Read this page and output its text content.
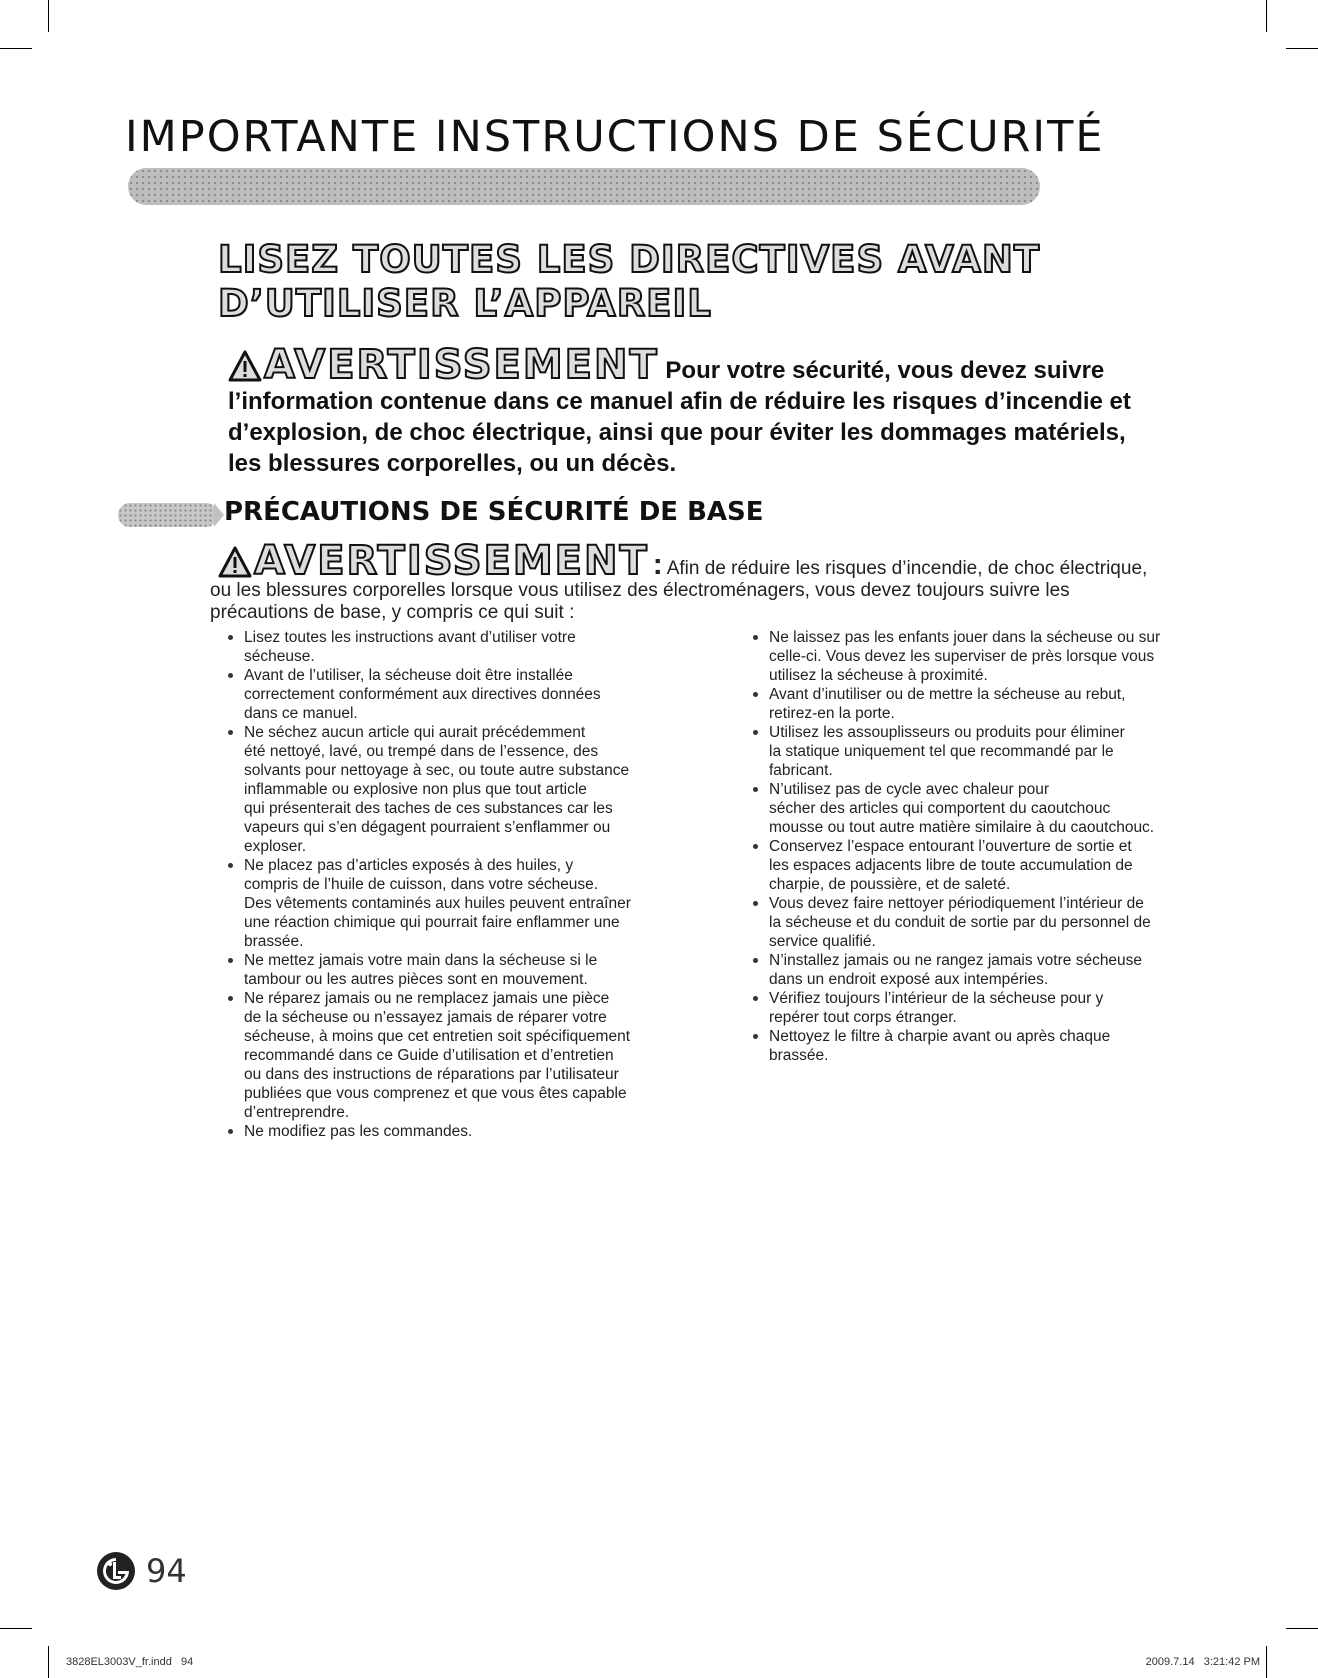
IMPORTANTE INSTRUCTIONS DE SÉCURITÉ
LISEZ TOUTES LES DIRECTIVES AVANT
D’UTILISER L’APPAREIL
AVERTISSEMENT Pour votre sécurité, vous devez suivre
l’information contenue dans ce manuel afin de réduire les risques d’incendie et
d’explosion, de choc électrique, ainsi que pour éviter les dommages matériels,
les blessures corporelles, ou un décès.
PRÉCAUTIONS DE SÉCURITÉ DE BASE
AVERTISSEMENT : Afin de réduire les risques d’incendie, de choc électrique,
ou les blessures corporelles lorsque vous utilisez des électroménagers, vous devez toujours suivre les
précautions de base, y compris ce qui suit :
Lisez toutes les instructions avant d’utiliser votre
sécheuse.
Avant de l’utiliser, la sécheuse doit être installée
correctement conformément aux directives données
dans ce manuel.
Ne séchez aucun article qui aurait précédemment
été nettoyé, lavé, ou trempé dans de l’essence, des
solvants pour nettoyage à sec, ou toute autre substance
inflammable ou explosive non plus que tout article
qui présenterait des taches de ces substances car les
vapeurs qui s’en dégagent pourraient s’enflammer ou
exploser.
Ne placez pas d’articles exposés à des huiles, y
compris de l’huile de cuisson, dans votre sécheuse.
Des vêtements contaminés aux huiles peuvent entraîner
une réaction chimique qui pourrait faire enflammer une
brassée.
Ne mettez jamais votre main dans la sécheuse si le
tambour ou les autres pièces sont en mouvement.
Ne réparez jamais ou ne remplacez jamais une pièce
de la sécheuse ou n’essayez jamais de réparer votre
sécheuse, à moins que cet entretien soit spécifiquement
recommandé dans ce Guide d’utilisation et d’entretien
ou dans des instructions de réparations par l’utilisateur
publiées que vous comprenez et que vous êtes capable
d’entreprendre.
Ne modifiez pas les commandes.
Ne laissez pas les enfants jouer dans la sécheuse ou sur
celle-ci. Vous devez les superviser de près lorsque vous
utilisez la sécheuse à proximité.
Avant d’inutiliser ou de mettre la sécheuse au rebut,
retirez-en la porte.
Utilisez les assouplisseurs ou produits pour éliminer
la statique uniquement tel que recommandé par le
fabricant.
N’utilisez pas de cycle avec chaleur pour
sécher des articles qui comportent du caoutchouc
mousse ou tout autre matière similaire à du caoutchouc.
Conservez l’espace entourant l’ouverture de sortie et
les espaces adjacents libre de toute accumulation de
charpie, de poussière, et de saleté.
Vous devez faire nettoyer périodiquement l’intérieur de
la sécheuse et du conduit de sortie par du personnel de
service qualifié.
N’installez jamais ou ne rangez jamais votre sécheuse
dans un endroit exposé aux intempéries.
Vérifiez toujours l’intérieur de la sécheuse pour y
repérer tout corps étranger.
Nettoyez le filtre à charpie avant ou après chaque
brassée.
94
3828EL3003V_fr.indd   94	2009.7.14   3:21:42 PM
